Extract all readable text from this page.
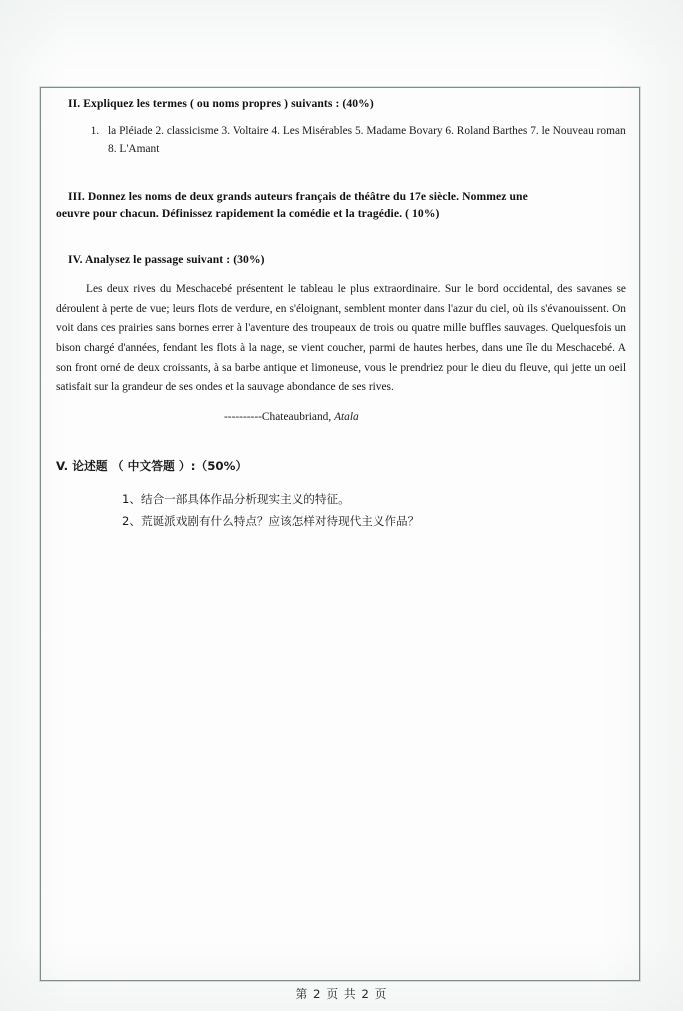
II. Expliquez les termes ( ou noms propres ) suivants : (40%)
1. la Pléiade 2. classicisme 3. Voltaire 4. Les Misérables 5. Madame Bovary 6. Roland Barthes 7. le Nouveau roman 8. L'Amant
III. Donnez les noms de deux grands auteurs français de théâtre du 17e siècle. Nommez une
oeuvre pour chacun. Définissez rapidement la comédie et la tragédie. ( 10%)
IV. Analysez le passage suivant : (30%)
Les deux rives du Meschacebé présentent le tableau le plus extraordinaire. Sur le bord occidental, des savanes se déroulent à perte de vue; leurs flots de verdure, en s'éloignant, semblent monter dans l'azur du ciel, où ils s'évanouissent. On voit dans ces prairies sans bornes errer à l'aventure des troupeaux de trois ou quatre mille buffles sauvages. Quelquesfois un bison chargé d'années, fendant les flots à la nage, se vient coucher, parmi de hautes herbes, dans une île du Meschacebé. A son front orné de deux croissants, à sa barbe antique et limoneuse, vous le prendriez pour le dieu du fleuve, qui jette un oeil satisfait sur la grandeur de ses ondes et la sauvage abondance de ses rives.
----------Chateaubriand, Atala
V. 论述题 （ 中文答题 ）:（50%）
1、结合一部具体作品分析现实主义的特征。
2、荒诞派戏剧有什么特点？应该怎样对待现代主义作品？
第 2 页 共 2 页
